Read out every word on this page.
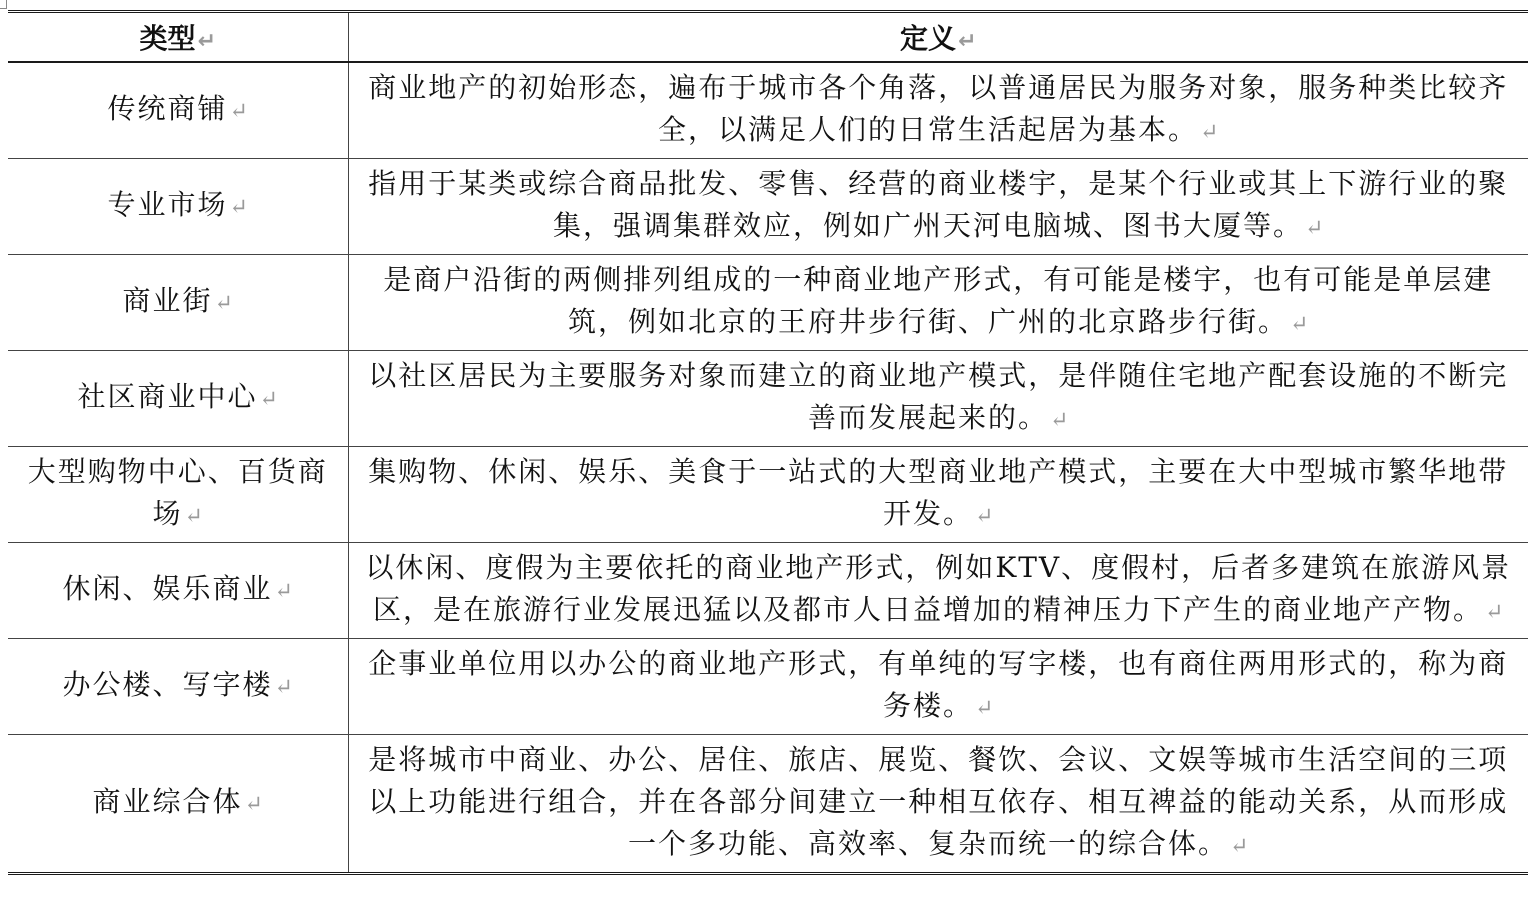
类型 ↵	定义 ↵
传统商铺 ↵	商业地产的初始形态，遍布于城市各个角落，以普通居民为服务对象，服务种类比较齐全，以满足人们的日常生活起居为基本。 ↵
专业市场 ↵	指用于某类或综合商品批发、零售、经营的商业楼宇，是某个行业或其上下游行业的聚集，强调集群效应，例如广州天河电脑城、图书大厦等。 ↵
商业街 ↵	是商户沿街的两侧排列组成的一种商业地产形式，有可能是楼宇，也有可能是单层建筑，例如北京的王府井步行街、广州的北京路步行街。 ↵
社区商业中心 ↵	以社区居民为主要服务对象而建立的商业地产模式，是伴随住宅地产配套设施的不断完善而发展起来的。 ↵
大型购物中心、百货商场 ↵	集购物、休闲、娱乐、美食于一站式的大型商业地产模式，主要在大中型城市繁华地带开发。 ↵
休闲、娱乐商业 ↵	以休闲、度假为主要依托的商业地产形式，例如KTV、度假村，后者多建筑在旅游风景区，是在旅游行业发展迅猛以及都市人日益增加的精神压力下产生的商业地产产物。 ↵
办公楼、写字楼 ↵	企事业单位用以办公的商业地产形式，有单纯的写字楼，也有商住两用形式的，称为商务楼。 ↵
商业综合体 ↵	是将城市中商业、办公、居住、旅店、展览、餐饮、会议、文娱等城市生活空间的三项以上功能进行组合，并在各部分间建立一种相互依存、相互裨益的能动关系，从而形成一个多功能、高效率、复杂而统一的综合体。 ↵
